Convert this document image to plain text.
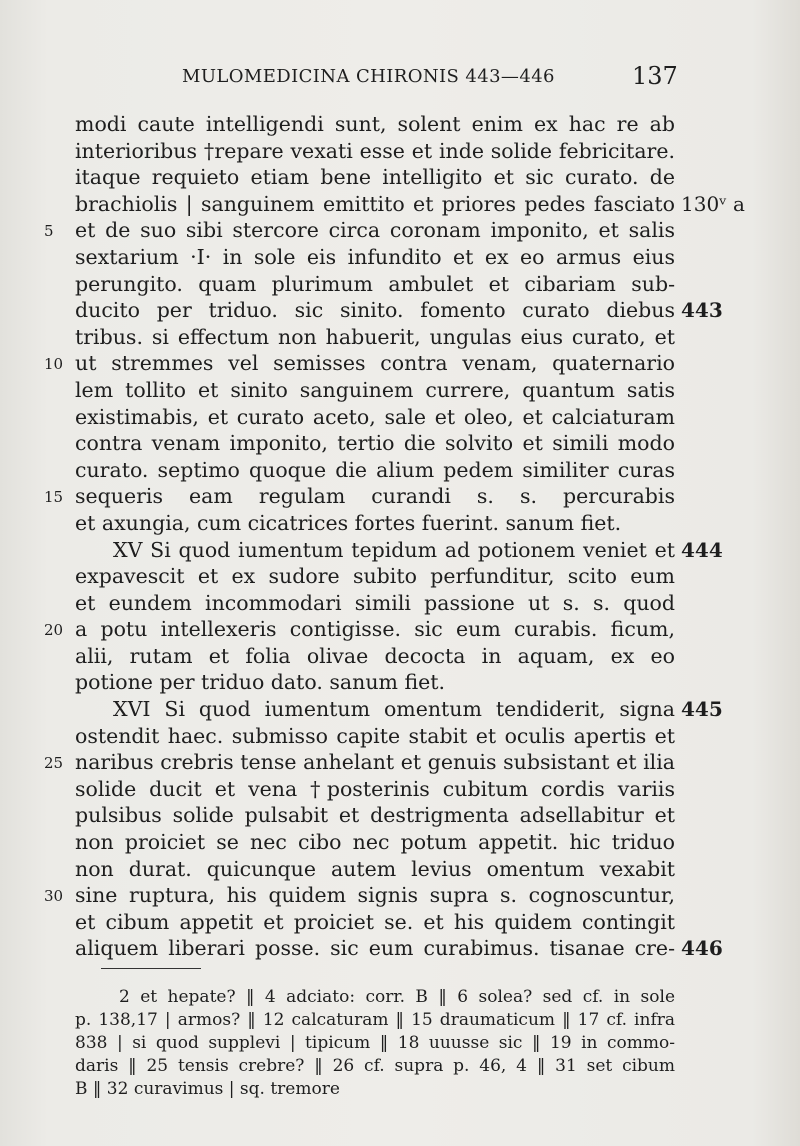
MULOMEDICINA CHIRONIS 443—446	137
modi caute intelligendi sunt, solent enim ex hac re ab
interioribus †repare vexati esse et inde solide febricitare.
itaque requieto etiam bene intelligito et sic curato. de
brachiolis | sanguinem emittito et priores pedes fasciato 130ᵛ a
5	et de suo sibi stercore circa coronam imponito, et salis
sextarium ·I· in sole eis infundito et ex eo armus eius
perungito. quam plurimum ambulet et cibariam sub-
ducito per triduo. sic sinito. fomento curato diebus 443
tribus. si effectum non habuerit, ungulas eius curato, et
10 ut stremmes vel semisses contra venam, quaternario
lem tollito et sinito sanguinem currere, quantum satis
existimabis, et curato aceto, sale et oleo, et calciaturam
contra venam imponito, tertio die solvito et simili modo
curato. septimo quoque die alium pedem similiter curas
15 sequeris eam regulam curandi s. s. percurabis
et axungia, cum cicatrices fortes fuerint. sanum fiet.
XV Si quod iumentum tepidum ad potionem veniet et 444
expavescit et ex sudore subito perfunditur, scito eum
et eundem incommodari simili passione ut s. s. quod
20 a potu intellexeris contigisse. sic eum curabis. ficum,
alii, rutam et folia olivae decocta in aquam, ex eo
potione per triduo dato. sanum fiet.
XVI Si quod iumentum omentum tendiderit, signa 445
ostendit haec. submisso capite stabit et oculis apertis et
25 naribus crebris tense anhelant et genuis subsistant et ilia
solide ducit et vena †posterinis cubitum cordis variis
pulsibus solide pulsabit et destrigmenta adsellabitur et
non proiciet se nec cibo nec potum appetit. hic triduo
non durat. quicunque autem levius omentum vexabit
30 sine ruptura, his quidem signis supra s. cognoscuntur,
et cibum appetit et proiciet se. et his quidem contingit
aliquem liberari posse. sic eum curabimus. tisanae cre- 446
2 et hepate? ‖ 4 adciato: corr. B ‖ 6 solea? sed cf. in sole
p. 138,17 | armos? ‖ 12 calcaturam ‖ 15 draumaticum ‖ 17 cf. infra
838 | si quod supplevi | tipicum ‖ 18 uuusse sic ‖ 19 in commo-
daris ‖ 25 tensis crebre? ‖ 26 cf. supra p. 46, 4 ‖ 31 set cibum
B ‖ 32 curavimus | sq. tremore
